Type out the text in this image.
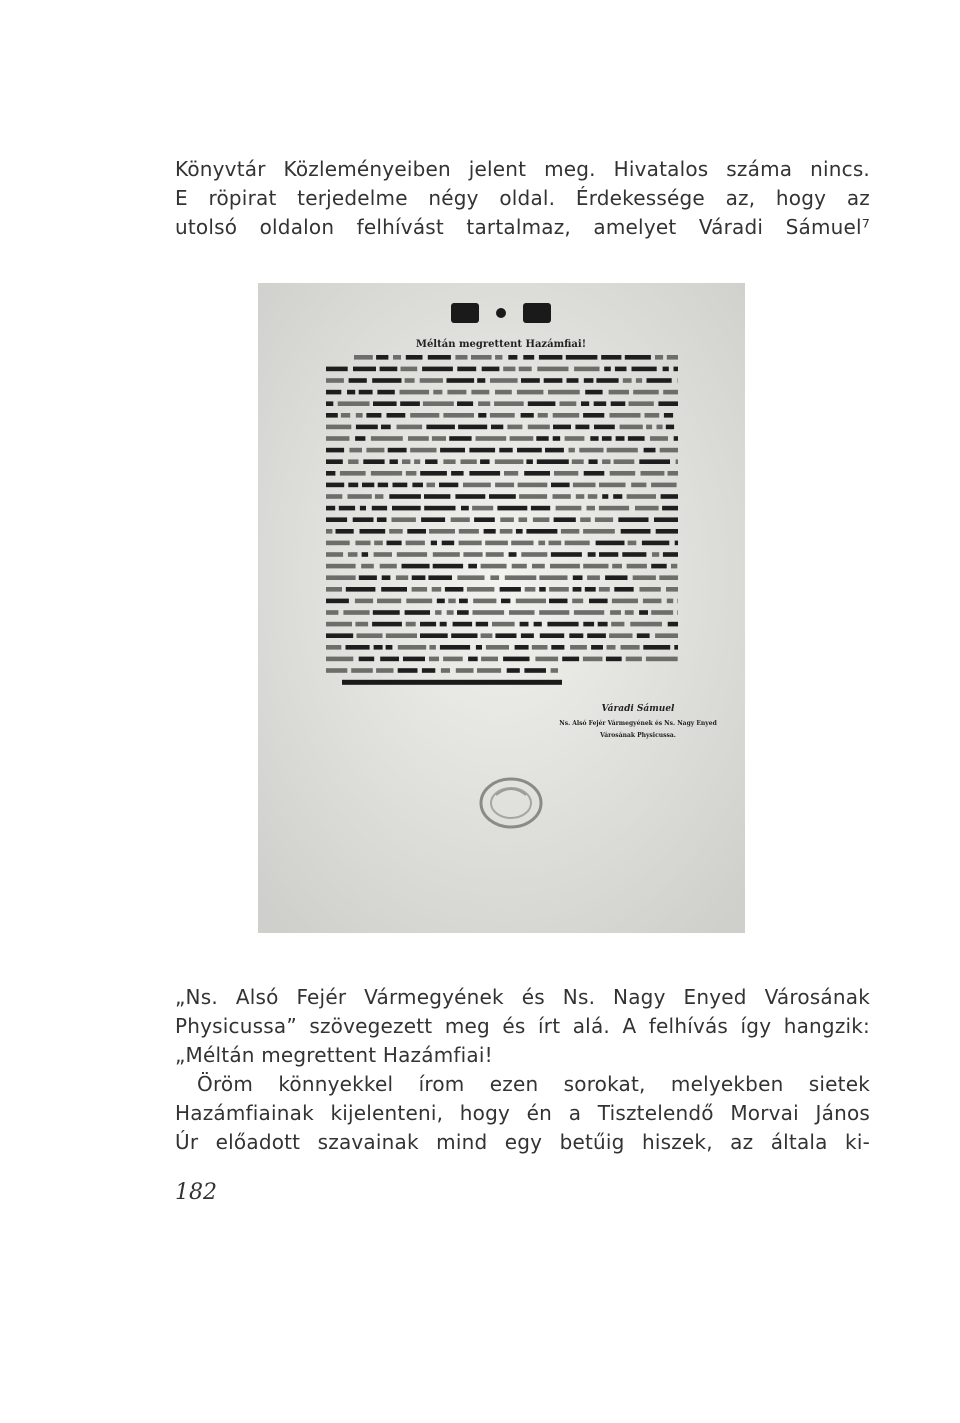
Könyvtár Közleményeiben jelent meg. Hivatalos száma nincs.
E röpirat terjedelme négy oldal. Érdekessége az, hogy az
utolsó oldalon felhívást tartalmaz, amelyet Váradi Sámuel⁷

Méltán megrettent Hazámfiai!
Váradi Sámuel
Ns. Alsó Fejér Vármegyének és Ns. Nagy Enyed
Városának Physicussa.

„Ns. Alsó Fejér Vármegyének és Ns. Nagy Enyed Városának
Physicussa” szövegezett meg és írt alá. A felhívás így hangzik:
„Méltán megrettent Hazámfiai!
Öröm könnyekkel írom ezen sorokat, melyekben sietek
Hazámfiainak kijelenteni, hogy én a Tisztelendő Morvai János
Úr előadott szavainak mind egy betűig hiszek, az általa ki-

182
